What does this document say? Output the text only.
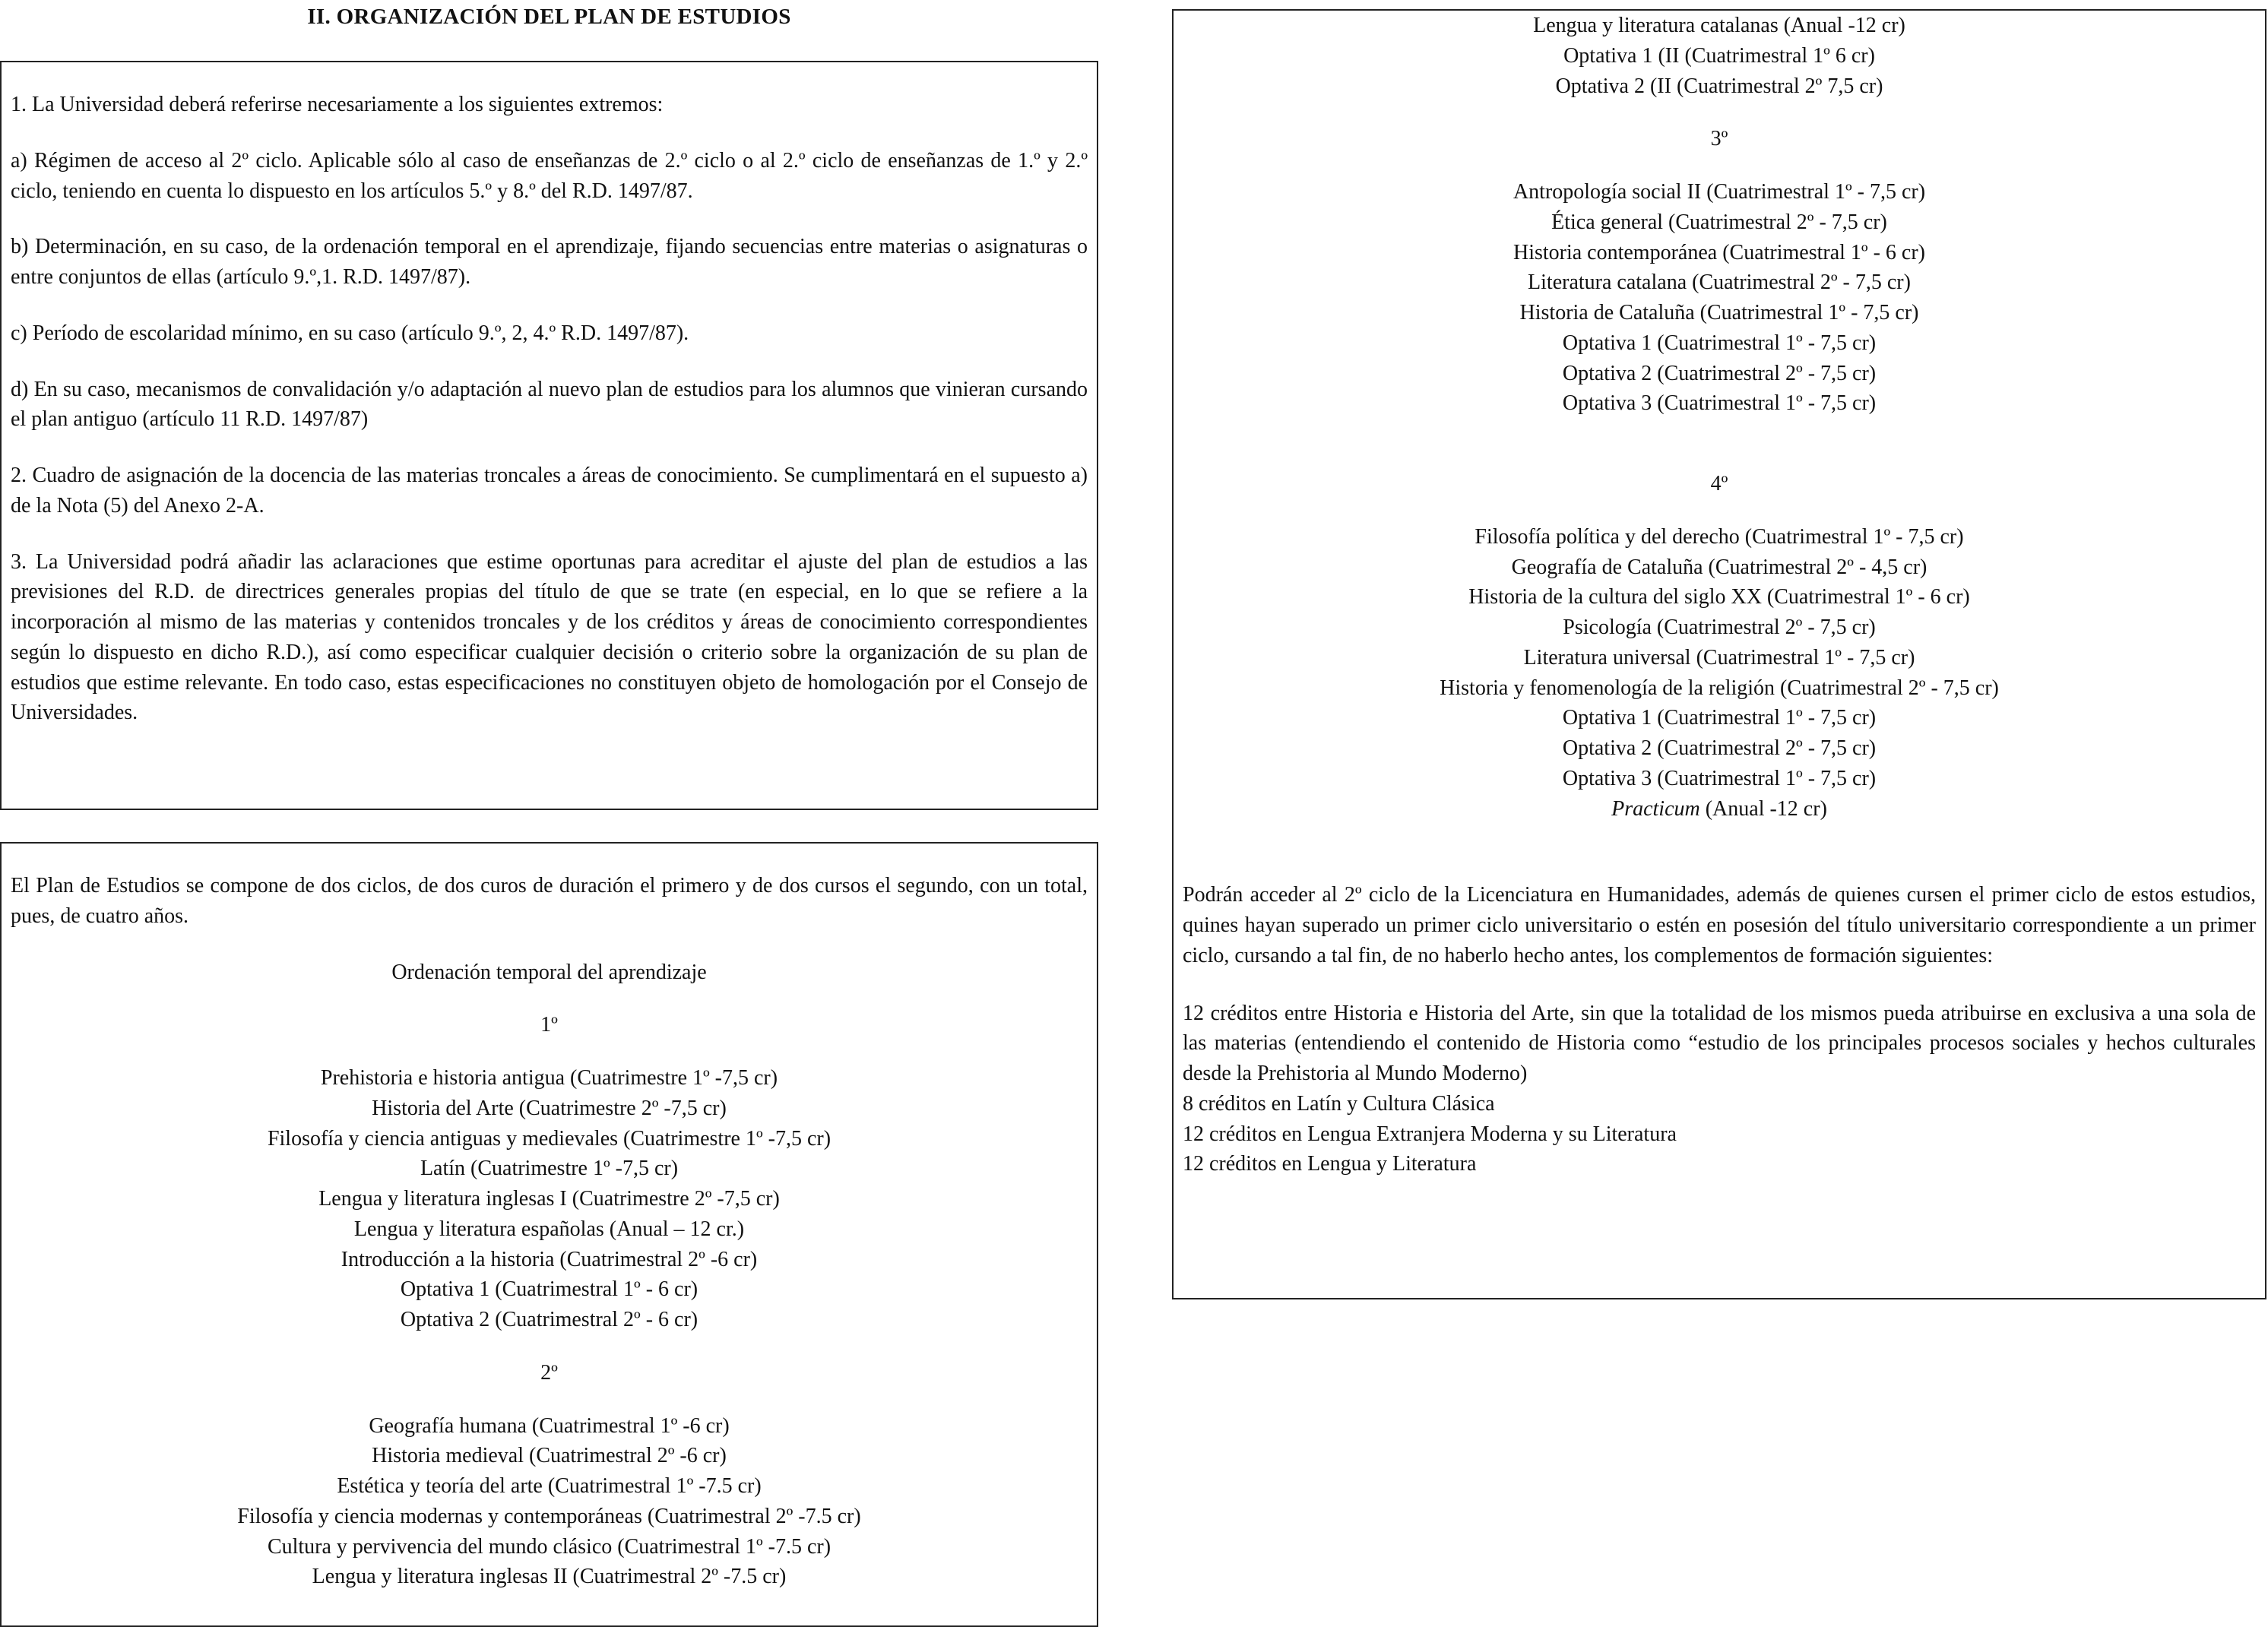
II. ORGANIZACIÓN DEL PLAN DE ESTUDIOS

1. La Universidad deberá referirse necesariamente a los siguientes extremos:

a) Régimen de acceso al 2º ciclo. Aplicable sólo al caso de enseñanzas de 2.º ciclo o al 2.º ciclo de enseñanzas de 1.º y 2.º ciclo, teniendo en cuenta lo dispuesto en los artículos 5.º y 8.º del R.D. 1497/87.

b) Determinación, en su caso, de la ordenación temporal en el aprendizaje, fijando secuencias entre materias o asignaturas o entre conjuntos de ellas (artículo 9.º,1. R.D. 1497/87).

c) Período de escolaridad mínimo, en su caso (artículo 9.º, 2, 4.º R.D. 1497/87).

d) En su caso, mecanismos de convalidación y/o adaptación al nuevo plan de estudios para los alumnos que vinieran cursando el plan antiguo (artículo 11 R.D. 1497/87)

2. Cuadro de asignación de la docencia de las materias troncales a áreas de conocimiento. Se cumplimentará en el supuesto a) de la Nota (5) del Anexo 2-A.

3. La Universidad podrá añadir las aclaraciones que estime oportunas para acreditar el ajuste del plan de estudios a las previsiones del R.D. de directrices generales propias del título de que se trate (en especial, en lo que se refiere a la incorporación al mismo de las materias y contenidos troncales y de los créditos y áreas de conocimiento correspondientes según lo dispuesto en dicho R.D.), así como especificar cualquier decisión o criterio sobre la organización de su plan de estudios que estime relevante. En todo caso, estas especificaciones no constituyen objeto de homologación por el Consejo de Universidades.

El Plan de Estudios se compone de dos ciclos, de dos curos de duración el primero y de dos cursos el segundo, con un total, pues, de cuatro años.

Ordenación temporal del aprendizaje
1º
Prehistoria e historia antigua (Cuatrimestre 1º -7,5 cr)
Historia del Arte (Cuatrimestre 2º -7,5 cr)
Filosofía y ciencia antiguas y medievales (Cuatrimestre 1º -7,5 cr)
Latín (Cuatrimestre 1º -7,5 cr)
Lengua y literatura inglesas I (Cuatrimestre 2º -7,5 cr)
Lengua y literatura españolas (Anual – 12 cr.)
Introducción a la historia (Cuatrimestral 2º -6 cr)
Optativa 1 (Cuatrimestral 1º - 6 cr)
Optativa 2 (Cuatrimestral 2º - 6 cr)
2º
Geografía humana (Cuatrimestral 1º -6 cr)
Historia medieval (Cuatrimestral 2º -6 cr)
Estética y teoría del arte (Cuatrimestral 1º -7.5 cr)
Filosofía y ciencia modernas y contemporáneas (Cuatrimestral 2º -7.5 cr)
Cultura y pervivencia del mundo clásico (Cuatrimestral 1º -7.5 cr)
Lengua y literatura inglesas II (Cuatrimestral 2º -7.5 cr)
Lengua y literatura catalanas (Anual -12 cr)
Optativa 1 (II (Cuatrimestral 1º 6 cr)
Optativa 2 (II (Cuatrimestral 2º 7,5 cr)
3º
Antropología social II (Cuatrimestral 1º - 7,5 cr)
Ética general (Cuatrimestral 2º - 7,5 cr)
Historia contemporánea (Cuatrimestral 1º - 6 cr)
Literatura catalana (Cuatrimestral 2º - 7,5 cr)
Historia de Cataluña (Cuatrimestral 1º - 7,5 cr)
Optativa 1 (Cuatrimestral 1º - 7,5 cr)
Optativa 2 (Cuatrimestral 2º - 7,5 cr)
Optativa 3 (Cuatrimestral 1º - 7,5 cr)
4º
Filosofía política y del derecho (Cuatrimestral 1º - 7,5 cr)
Geografía de Cataluña (Cuatrimestral 2º - 4,5 cr)
Historia de la cultura del siglo XX (Cuatrimestral 1º - 6 cr)
Psicología (Cuatrimestral 2º - 7,5 cr)
Literatura universal (Cuatrimestral 1º - 7,5 cr)
Historia y fenomenología de la religión (Cuatrimestral 2º - 7,5 cr)
Optativa 1 (Cuatrimestral 1º - 7,5 cr)
Optativa 2 (Cuatrimestral 2º - 7,5 cr)
Optativa 3 (Cuatrimestral 1º - 7,5 cr)
Practicum (Anual -12 cr)

Podrán acceder al 2º ciclo de la Licenciatura en Humanidades, además de quienes cursen el primer ciclo de estos estudios, quines hayan superado un primer ciclo universitario o estén en posesión del título universitario correspondiente a un primer ciclo, cursando a tal fin, de no haberlo hecho antes, los complementos de formación siguientes:

12 créditos entre Historia e Historia del Arte, sin que la totalidad de los mismos pueda atribuirse en exclusiva a una sola de las materias (entendiendo el contenido de Historia como “estudio de los principales procesos sociales y hechos culturales desde la Prehistoria al Mundo Moderno)

8 créditos en Latín y Cultura Clásica
12 créditos en Lengua Extranjera Moderna y su Literatura
12 créditos en Lengua y Literatura
